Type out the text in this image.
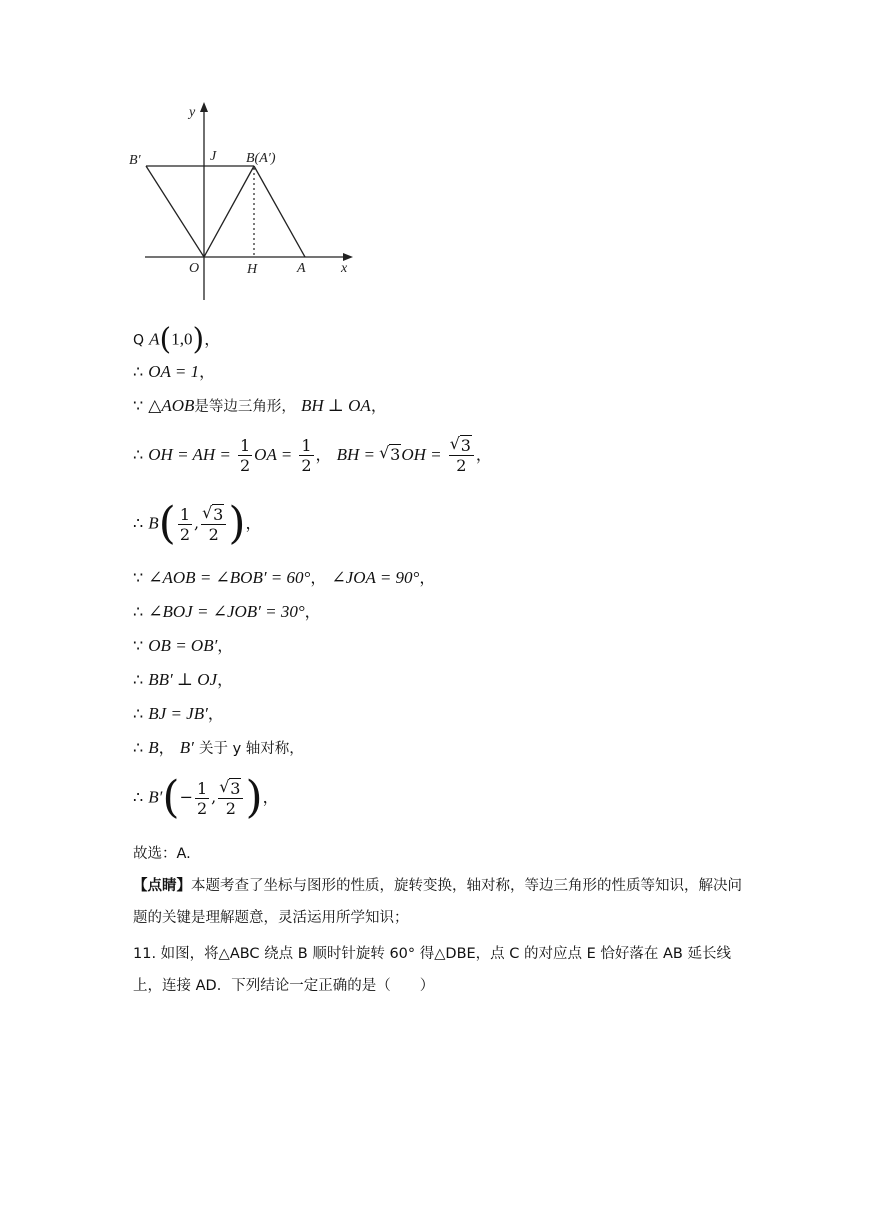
y
x
B′	J B(A′)
O	H	A
Q A(1,0)，
∴ OA = 1，
∵ △AOB是等边三角形， BH ⊥ OA，
∴ OH = AH = $\frac{1}{2}$ OA = $\frac{1}{2}$ ， BH = √ 3OH = √ $\frac{3}{2}$ ，
∴ $B( \frac{1}{2}$ , √ $\frac{3}{2}$ )，
∵ ∠AOB = ∠BOB′ = 60°， ∠JOA = 90°，
∴ ∠BOJ = ∠JOB′ = 30°，
∵ OB = OB′，
∴ BB′ ⊥ OJ，
∴ BJ = JB′，
∴ B， B′ 关于 y 轴对称，
∴ $B'(- \frac{1}{2}$ , √ $\frac{3}{2}$ )，
故选：A.
【点睛】本题考查了坐标与图形的性质，旋转变换，轴对称，等边三角形的性质等知识，解决问题的关键是理解题意，灵活运用所学知识；
11. 如图，将△ABC 绕点 B 顺时针旋转 60° 得△DBE，点 C 的对应点 E 恰好落在 AB 延长线上，连接 AD．下列结论一定正确的是（　　）
